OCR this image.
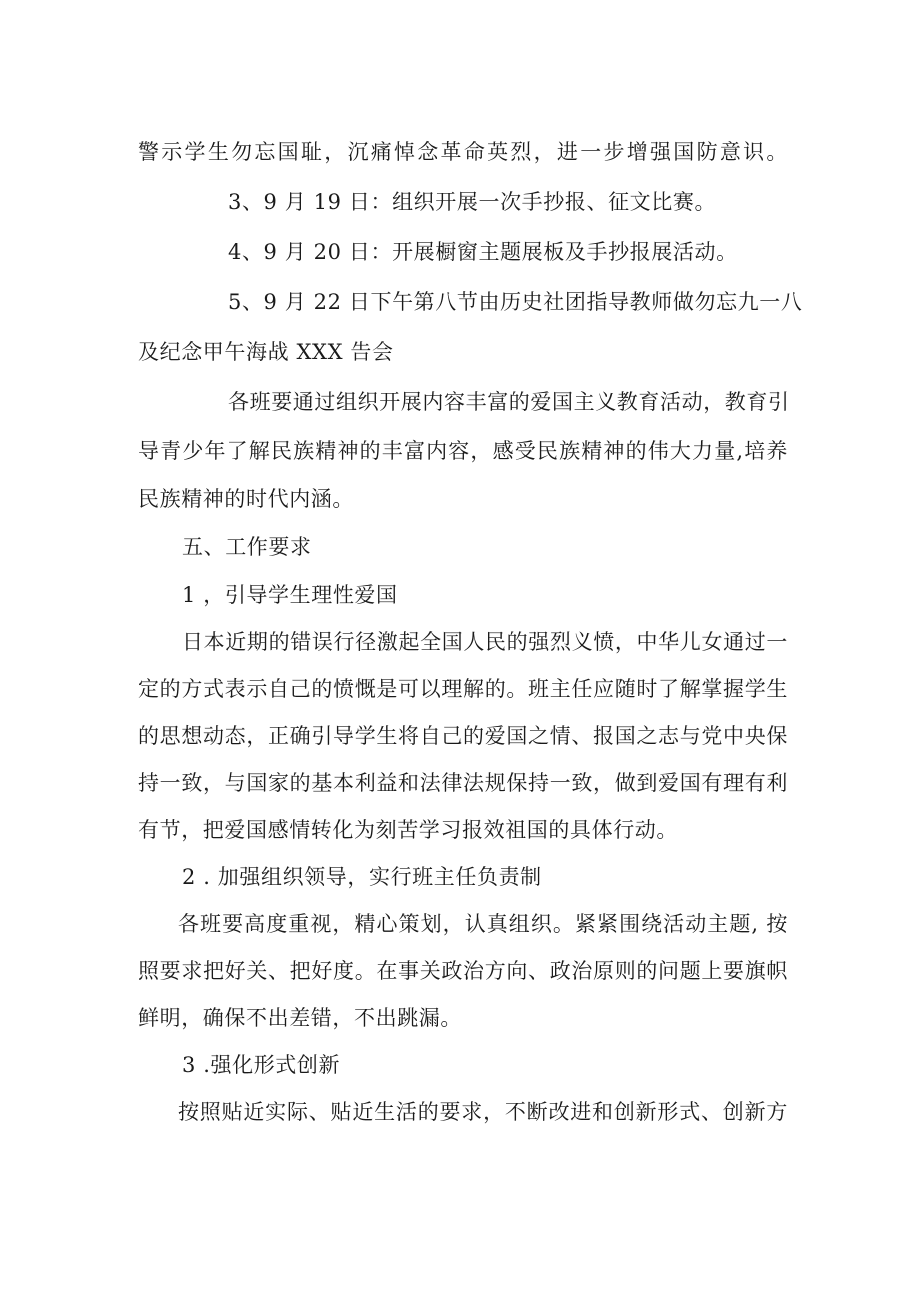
警示学生勿忘国耻，沉痛悼念革命英烈，进一步增强国防意识。
3、9 月 19 日：组织开展一次手抄报、征文比赛。
4、9 月 20 日：开展橱窗主题展板及手抄报展活动。
5、9 月 22 日下午第八节由历史社团指导教师做勿忘九一八
及纪念甲午海战 XXX 告会
各班要通过组织开展内容丰富的爱国主义教育活动，教育引
导青少年了解民族精神的丰富内容，感受民族精神的伟大力量,培养
民族精神的时代内涵。
五、工作要求
1 ，引导学生理性爱国
日本近期的错误行径激起全国人民的强烈义愤，中华儿女通过一
定的方式表示自己的愤慨是可以理解的。班主任应随时了解掌握学生
的思想动态，正确引导学生将自己的爱国之情、报国之志与党中央保
持一致，与国家的基本利益和法律法规保持一致，做到爱国有理有利
有节，把爱国感情转化为刻苦学习报效祖国的具体行动。
2 . 加强组织领导，实行班主任负责制
各班要高度重视，精心策划，认真组织。紧紧围绕活动主题, 按
照要求把好关、把好度。在事关政治方向、政治原则的问题上要旗帜
鲜明，确保不出差错，不出跳漏。
3 .强化形式创新
按照贴近实际、贴近生活的要求，不断改进和创新形式、创新方
